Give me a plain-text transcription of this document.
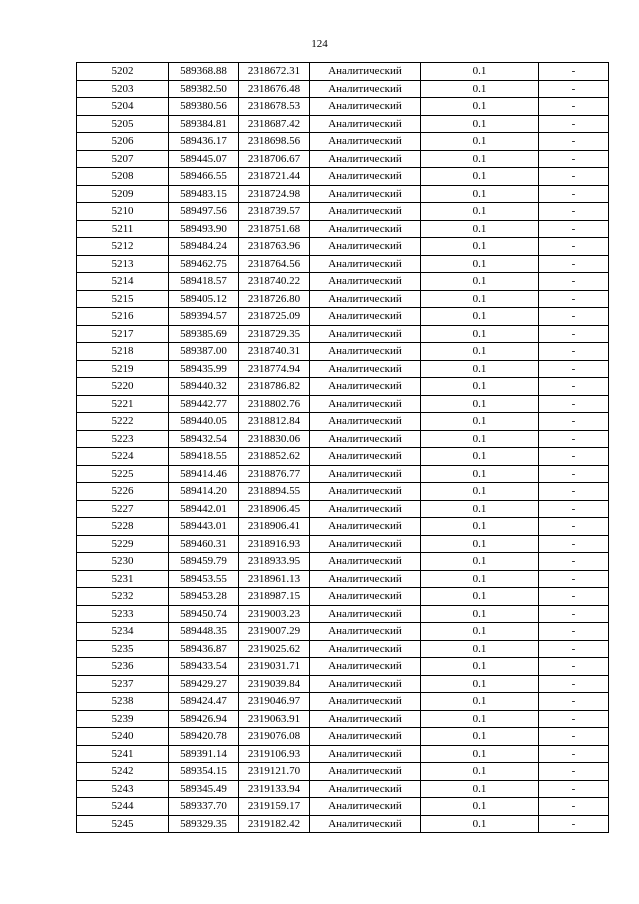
124
5202	589368.88	2318672.31	Аналитический	0.1	-
5203	589382.50	2318676.48	Аналитический	0.1	-
5204	589380.56	2318678.53	Аналитический	0.1	-
5205	589384.81	2318687.42	Аналитический	0.1	-
5206	589436.17	2318698.56	Аналитический	0.1	-
5207	589445.07	2318706.67	Аналитический	0.1	-
5208	589466.55	2318721.44	Аналитический	0.1	-
5209	589483.15	2318724.98	Аналитический	0.1	-
5210	589497.56	2318739.57	Аналитический	0.1	-
5211	589493.90	2318751.68	Аналитический	0.1	-
5212	589484.24	2318763.96	Аналитический	0.1	-
5213	589462.75	2318764.56	Аналитический	0.1	-
5214	589418.57	2318740.22	Аналитический	0.1	-
5215	589405.12	2318726.80	Аналитический	0.1	-
5216	589394.57	2318725.09	Аналитический	0.1	-
5217	589385.69	2318729.35	Аналитический	0.1	-
5218	589387.00	2318740.31	Аналитический	0.1	-
5219	589435.99	2318774.94	Аналитический	0.1	-
5220	589440.32	2318786.82	Аналитический	0.1	-
5221	589442.77	2318802.76	Аналитический	0.1	-
5222	589440.05	2318812.84	Аналитический	0.1	-
5223	589432.54	2318830.06	Аналитический	0.1	-
5224	589418.55	2318852.62	Аналитический	0.1	-
5225	589414.46	2318876.77	Аналитический	0.1	-
5226	589414.20	2318894.55	Аналитический	0.1	-
5227	589442.01	2318906.45	Аналитический	0.1	-
5228	589443.01	2318906.41	Аналитический	0.1	-
5229	589460.31	2318916.93	Аналитический	0.1	-
5230	589459.79	2318933.95	Аналитический	0.1	-
5231	589453.55	2318961.13	Аналитический	0.1	-
5232	589453.28	2318987.15	Аналитический	0.1	-
5233	589450.74	2319003.23	Аналитический	0.1	-
5234	589448.35	2319007.29	Аналитический	0.1	-
5235	589436.87	2319025.62	Аналитический	0.1	-
5236	589433.54	2319031.71	Аналитический	0.1	-
5237	589429.27	2319039.84	Аналитический	0.1	-
5238	589424.47	2319046.97	Аналитический	0.1	-
5239	589426.94	2319063.91	Аналитический	0.1	-
5240	589420.78	2319076.08	Аналитический	0.1	-
5241	589391.14	2319106.93	Аналитический	0.1	-
5242	589354.15	2319121.70	Аналитический	0.1	-
5243	589345.49	2319133.94	Аналитический	0.1	-
5244	589337.70	2319159.17	Аналитический	0.1	-
5245	589329.35	2319182.42	Аналитический	0.1	-
